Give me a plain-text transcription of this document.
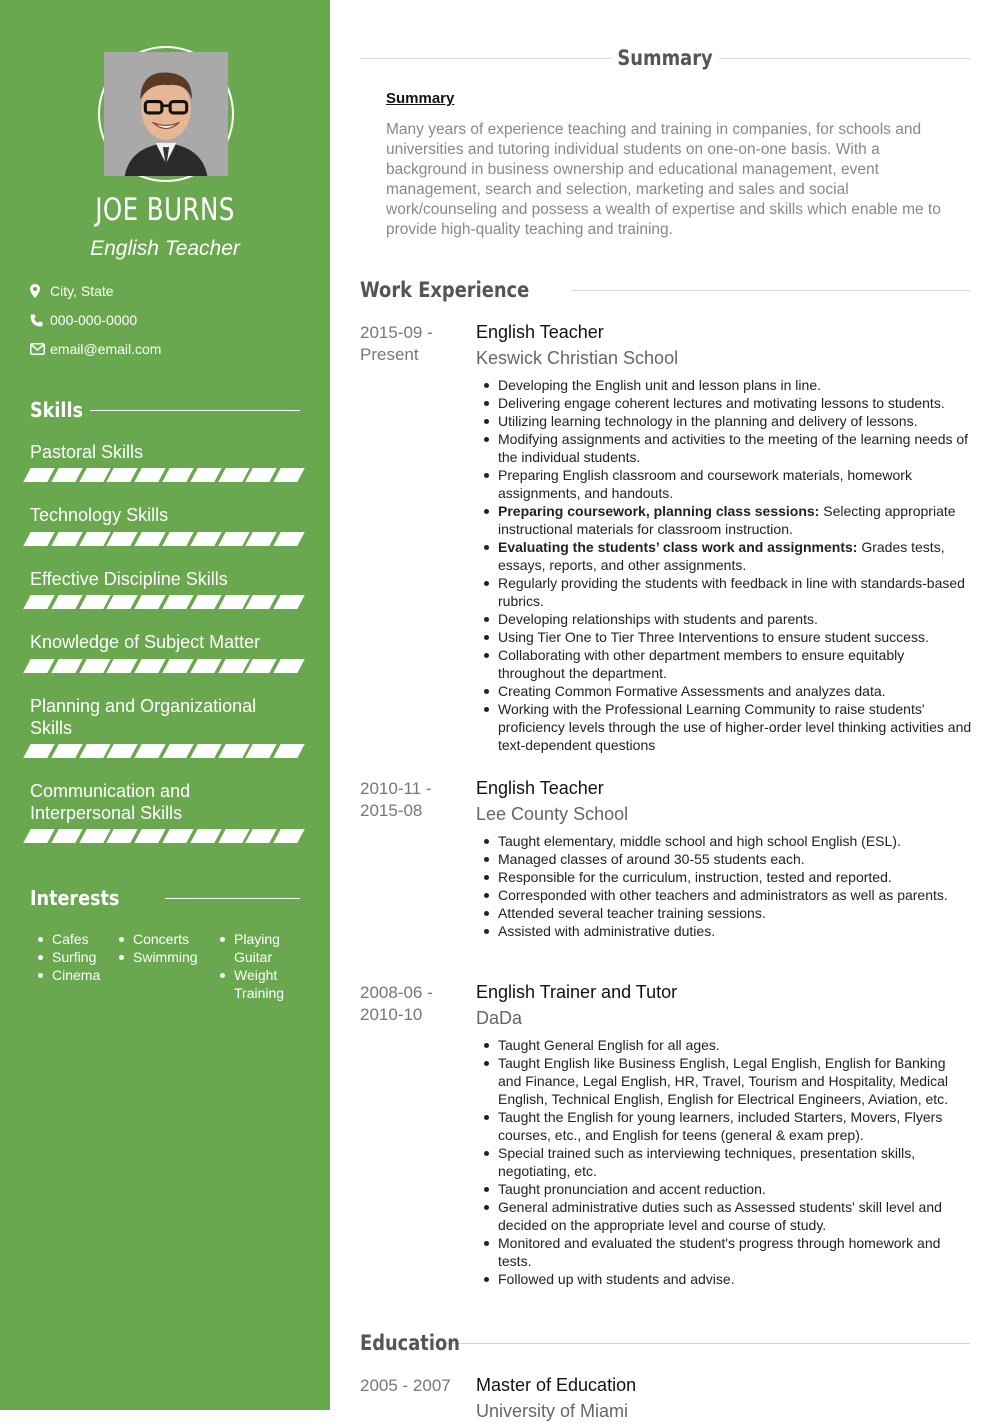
JOE BURNS
English Teacher
City, State
000-000-0000
email@email.com
Skills
Pastoral Skills
Technology Skills
Effective Discipline Skills
Knowledge of Subject Matter
Planning and Organizational Skills
Communication and Interpersonal Skills
Interests
Cafes
Surfing
Cinema
Concerts
Swimming
Playing Guitar
Weight Training
Summary
Summary
Many years of experience teaching and training in companies, for schools and universities and tutoring individual students on one-on-one basis. With a background in business ownership and educational management, event management, search and selection, marketing and sales and social work/counseling and possess a wealth of expertise and skills which enable me to provide high-quality teaching and training.
Work Experience
2015-09 - Present
English Teacher
Keswick Christian School
Developing the English unit and lesson plans in line.
Delivering engage coherent lectures and motivating lessons to students.
Utilizing learning technology in the planning and delivery of lessons.
Modifying assignments and activities to the meeting of the learning needs of the individual students.
Preparing English classroom and coursework materials, homework assignments, and handouts.
Preparing coursework, planning class sessions: Selecting appropriate instructional materials for classroom instruction.
Evaluating the students’ class work and assignments: Grades tests, essays, reports, and other assignments.
Regularly providing the students with feedback in line with standards-based rubrics.
Developing relationships with students and parents.
Using Tier One to Tier Three Interventions to ensure student success.
Collaborating with other department members to ensure equitably throughout the department.
Creating Common Formative Assessments and analyzes data.
Working with the Professional Learning Community to raise students' proficiency levels through the use of higher-order level thinking activities and text-dependent questions
2010-11 - 2015-08
English Teacher
Lee County School
Taught elementary, middle school and high school English (ESL).
Managed classes of around 30-55 students each.
Responsible for the curriculum, instruction, tested and reported.
Corresponded with other teachers and administrators as well as parents.
Attended several teacher training sessions.
Assisted with administrative duties.
2008-06 - 2010-10
English Trainer and Tutor
DaDa
Taught General English for all ages.
Taught English like Business English, Legal English, English for Banking and Finance, Legal English, HR, Travel, Tourism and Hospitality, Medical English, Technical English, English for Electrical Engineers, Aviation, etc.
Taught the English for young learners, included Starters, Movers, Flyers courses, etc., and English for teens (general & exam prep).
Special trained such as interviewing techniques, presentation skills, negotiating, etc.
Taught pronunciation and accent reduction.
General administrative duties such as Assessed students' skill level and decided on the appropriate level and course of study.
Monitored and evaluated the student's progress through homework and tests.
Followed up with students and advise.
Education
2005 - 2007	Master of Education
University of Miami
